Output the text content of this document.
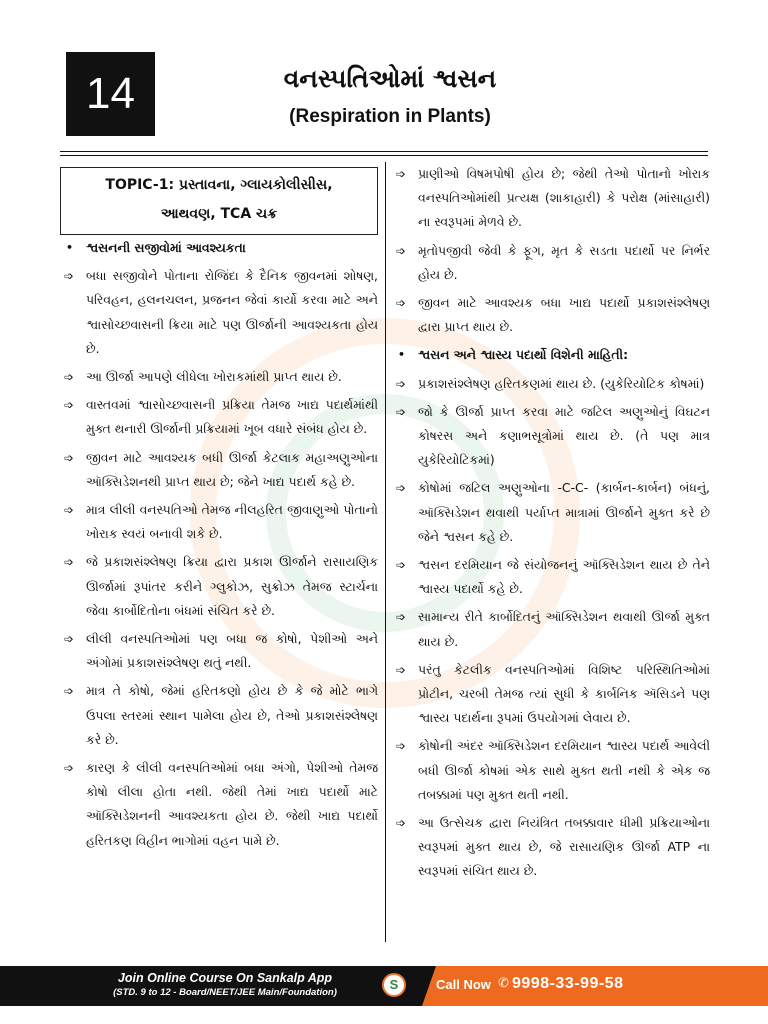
14	વનસ્પતિઓમાં શ્વસન
(Respiration in Plants)
TOPIC-1: પ્રસ્તાવના, ગ્લાયકોલીસીસ,
આથવણ, TCA ચક્ર
• શ્વસનની સજીવોમાં આવશ્યકતા
➩ બધા સજીવોને પોતાના રોજિંદા કે દૈનિક જીવનમાં શોષણ, પરિવહન, હલનચલન, પ્રજનન જેવાં કાર્યો કરવા માટે અને શ્વાસોચ્છવાસની ક્રિયા માટે પણ ઊર્જાની આવશ્યકતા હોય છે.
➩ આ ઊર્જા આપણે લીધેલા ખોરાકમાંથી પ્રાપ્ત થાય છે.
➩ વાસ્તવમાં શ્વાસોચ્છવાસની પ્રક્રિયા તેમજ ખાદ્ય પદાર્થમાંથી મુક્ત થનારી ઊર્જાની પ્રક્રિયામાં ખૂબ વધારે સંબંધ હોય છે.
➩ જીવન માટે આવશ્યક બધી ઊર્જા કેટલાક મહાઅણુઓના ઑક્સિડેશનથી પ્રાપ્ત થાય છે; જેને ખાદ્ય પદાર્થ કહે છે.
➩ માત્ર લીલી વનસ્પતિઓ તેમજ નીલહરિત જીવાણુઓ પોતાનો ખોરાક સ્વયં બનાવી શકે છે.
➩ જે પ્રકાશસંશ્લેષણ ક્રિયા દ્વારા પ્રકાશ ઊર્જાને રાસાયણિક ઊર્જામાં રૂપાંતર કરીને ગ્લુકોઝ, સુક્રોઝ તેમજ સ્ટાર્ચના જેવા કાર્બોદિતોના બંધમાં સંચિત કરે છે.
➩ લીલી વનસ્પતિઓમાં પણ બધા જ કોષો, પેશીઓ અને અંગોમાં પ્રકાશસંશ્લેષણ થતું નથી.
➩ માત્ર તે કોષો, જેમાં હરિતકણો હોય છે કે જે મોટે ભાગે ઉપલા સ્તરમાં સ્થાન પામેલા હોય છે, તેઓ પ્રકાશસંશ્લેષણ કરે છે.
➩ કારણ કે લીલી વનસ્પતિઓમાં બધા અંગો, પેશીઓ તેમજ કોષો લીલા હોતા નથી. જેથી તેમાં ખાદ્ય પદાર્થો માટે ઑક્સિડેશનની આવશ્યકતા હોય છે. જેથી ખાદ્ય પદાર્થો હરિતકણ વિહીન ભાગોમાં વહન પામે છે.
➩ પ્રાણીઓ વિષમપોષી હોય છે; જેથી તેઓ પોતાનો ખોરાક વનસ્પતિઓમાંથી પ્રત્યક્ષ (શાકાહારી) કે પરોક્ષ (માંસાહારી) ના સ્વરૂપમાં મેળવે છે.
➩ મૃતોપજીવી જેવી કે ફૂગ, મૃત કે સડતા પદાર્થો પર નિર્ભર હોય છે.
➩ જીવન માટે આવશ્યક બધા ખાદ્ય પદાર્થો પ્રકાશસંશ્લેષણ દ્વારા પ્રાપ્ત થાય છે.
• શ્વસન અને શ્વાસ્ય પદાર્થો વિશેની માહિતી:
➩ પ્રકાશસંશ્લેષણ હરિતકણમાં થાય છે. (યુકેરિયોટિક કોષમાં)
➩ જો કે ઊર્જા પ્રાપ્ત કરવા માટે જટિલ અણુઓનું વિઘટન કોષરસ અને કણાભસૂત્રોમાં થાય છે. (તે પણ માત્ર યુકેરિયોટિકમાં)
➩ કોષોમાં જટિલ અણુઓના -C-C- (કાર્બન-કાર્બન) બંધનું, ઑક્સિડેશન થવાથી પર્યાપ્ત માત્રામાં ઊર્જાને મુક્ત કરે છે જેને શ્વસન કહે છે.
➩ શ્વસન દરમિયાન જે સંયોજનનું ઑક્સિડેશન થાય છે તેને શ્વાસ્ય પદાર્થો કહે છે.
➩ સામાન્ય રીતે કાર્બોદિતનું ઑક્સિડેશન થવાથી ઊર્જા મુક્ત થાય છે.
➩ પરંતુ કેટલીક વનસ્પતિઓમાં વિશિષ્ટ પરિસ્થિતિઓમાં પ્રોટીન, ચરબી તેમજ ત્યાં સુધી કે કાર્બનિક ઍસિડને પણ શ્વાસ્ય પદાર્થના રૂપમાં ઉપયોગમાં લેવાય છે.
➩ કોષોની અંદર ઑક્સિડેશન દરમિયાન શ્વાસ્ય પદાર્થ આવેલી બધી ઊર્જા કોષમાં એક સાથે મુક્ત થતી નથી કે એક જ તબક્કામાં પણ મુક્ત થતી નથી.
➩ આ ઉત્સેચક દ્વારા નિયંત્રિત તબક્કાવાર ધીમી પ્રક્રિયાઓના સ્વરૂપમાં મુક્ત થાય છે, જે રાસાયણિક ઊર્જા ATP ના સ્વરૂપમાં સંચિત થાય છે.
Join Online Course On Sankalp App
(STD. 9 to 12 - Board/NEET/JEE Main/Foundation)
S	Call Now ✆ 9998-33-99-58
